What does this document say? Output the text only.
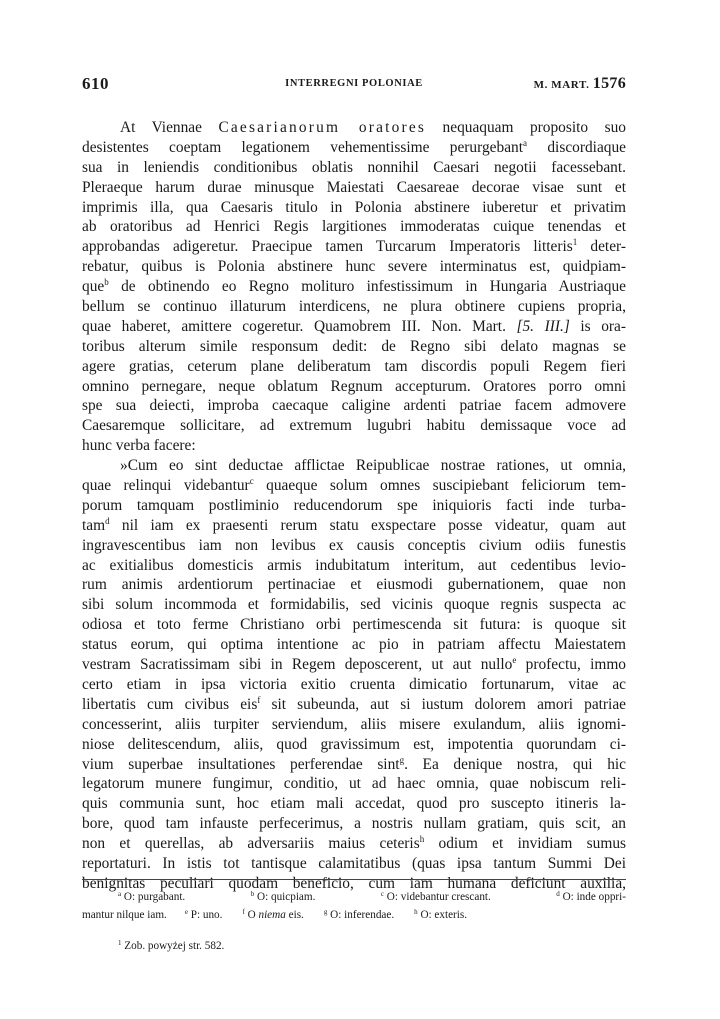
610	INTERREGNI POLONIAE	M. MART. 1576
At Viennae Caesarianorum oratores nequaquam proposito suo
desistentes coeptam legationem vehementissime perurgebant$^a$ discordiaque
sua in leniendis conditionibus oblatis nonnihil Caesari negotii facessebant.
Pleraeque harum durae minusque Maiestati Caesareae decorae visae sunt et
imprimis illa, qua Caesaris titulo in Polonia abstinere iuberetur et privatim
ab oratoribus ad Henrici Regis largitiones immoderatas cuique tenendas et
approbandas adigeretur. Praecipue tamen Turcarum Imperatoris litteris$^1$ deter-
rebatur, quibus is Polonia abstinere hunc severe interminatus est, quidpiam-
que$^b$ de obtinendo eo Regno molituro infestissimum in Hungaria Austriaque
bellum se continuo illaturum interdicens, ne plura obtinere cupiens propria,
quae haberet, amittere cogeretur. Quamobrem III. Non. Mart. [5. III.] is ora-
toribus alterum simile responsum dedit: de Regno sibi delato magnas se
agere gratias, ceterum plane deliberatum tam discordis populi Regem fieri
omnino pernegare, neque oblatum Regnum accepturum. Oratores porro omni
spe sua deiecti, improba caecaque caligine ardenti patriae facem admovere
Caesaremque sollicitare, ad extremum lugubri habitu demissaque voce ad
hunc verba facere:
»Cum eo sint deductae afflictae Reipublicae nostrae rationes, ut omnia,
quae relinqui videbantur$^c$ quaeque solum omnes suscipiebant feliciorum tem-
porum tamquam postliminio reducendorum spe iniquioris facti inde turba-
tam$^d$ nil iam ex praesenti rerum statu exspectare posse videatur, quam aut
ingravescentibus iam non levibus ex causis conceptis civium odiis funestis
ac exitialibus domesticis armis indubitatum interitum, aut cedentibus levio-
rum animis ardentiorum pertinaciae et eiusmodi gubernationem, quae non
sibi solum incommoda et formidabilis, sed vicinis quoque regnis suspecta ac
odiosa et toto ferme Christiano orbi pertimescenda sit futura: is quoque sit
status eorum, qui optima intentione ac pio in patriam affectu Maiestatem
vestram Sacratissimam sibi in Regem deposcerent, ut aut nullo$^e$ profectu, immo
certo etiam in ipsa victoria exitio cruenta dimicatio fortunarum, vitae ac
libertatis cum civibus eis$^f$ sit subeunda, aut si iustum dolorem amori patriae
concesserint, aliis turpiter serviendum, aliis misere exulandum, aliis ignomi-
niose delitescendum, aliis, quod gravissimum est, impotentia quorundam ci-
vium superbae insultationes perferendae sint$^g$. Ea denique nostra, qui hic
legatorum munere fungimur, conditio, ut ad haec omnia, quae nobiscum reli-
quis communia sunt, hoc etiam mali accedat, quod pro suscepto itineris la-
bore, quod tam infauste perfecerimus, a nostris nullam gratiam, quis scit, an
non et querellas, ab adversariis maius ceteris$^h$ odium et invidiam sumus
reportaturi. In istis tot tantisque calamitatibus (quas ipsa tantum Summi Dei
benignitas peculiari quodam beneficio, cum iam humana deficiunt auxilia,
$^a$ O: purgabant.	$^b$ O: quicpiam.	$^c$ O: videbantur crescant.	$^d$ O: inde oppri-
mantur nilque iam.	$^e$ P: uno.	$^f$ O niema eis.	$^g$ O: inferendae.	$^h$ O: exteris.
$^1$ Zob. powyżej str. 582.
